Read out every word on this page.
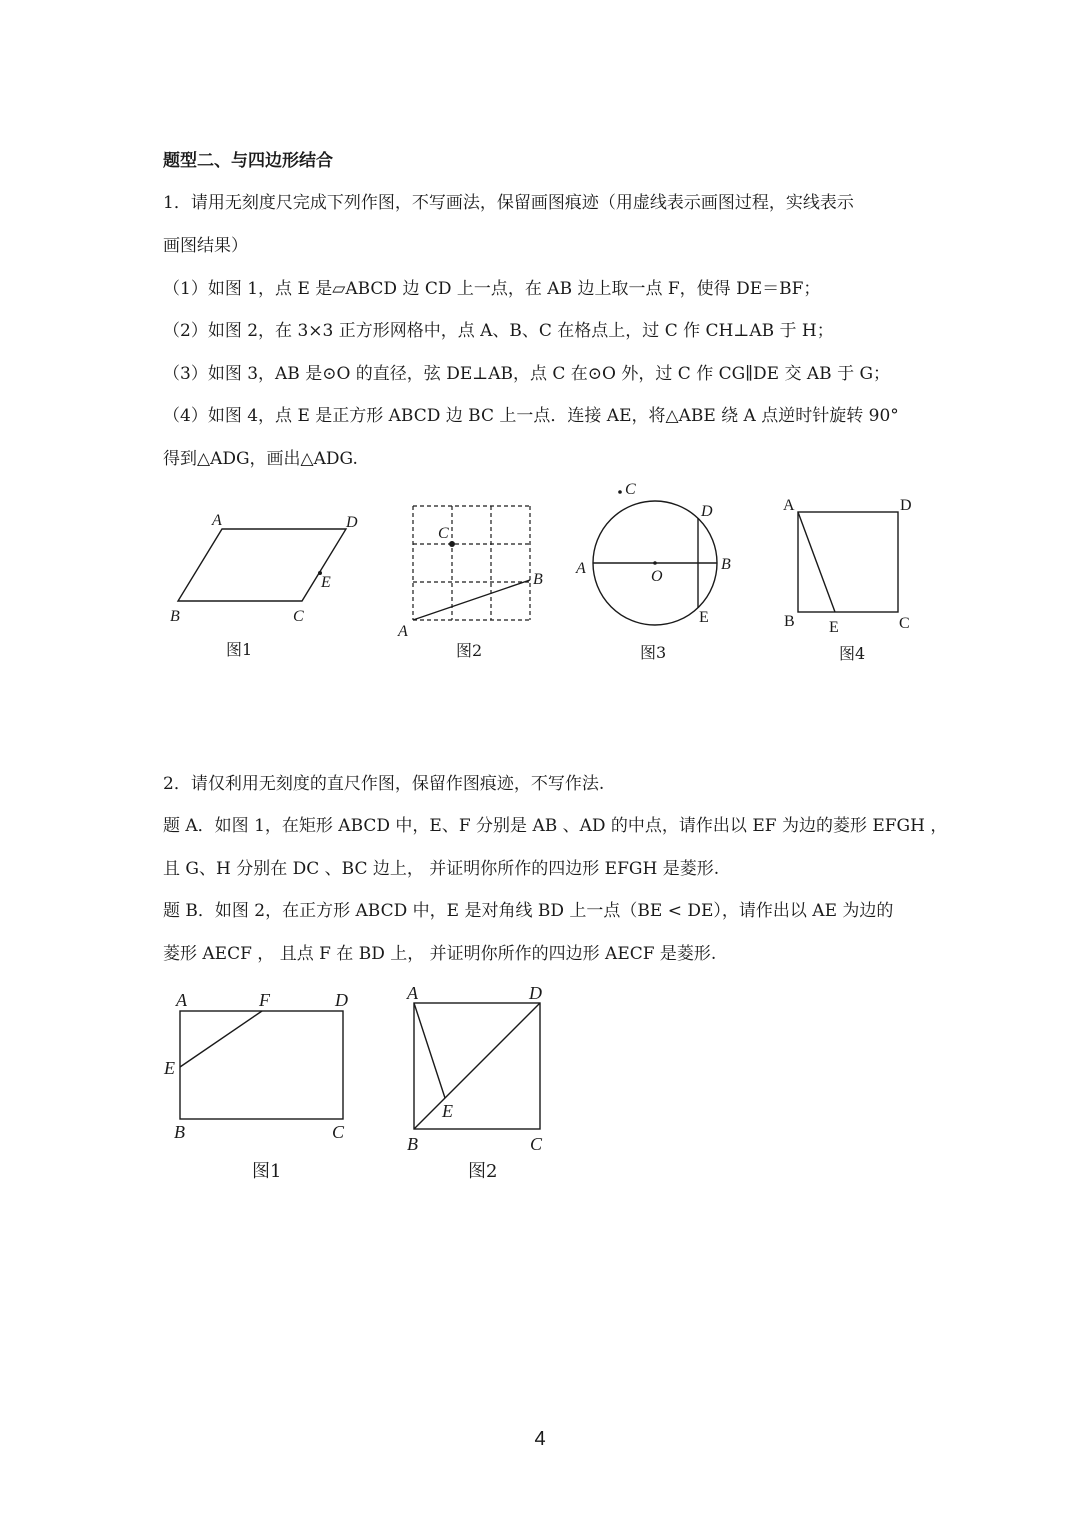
题型二、与四边形结合
1．请用无刻度尺完成下列作图，不写画法，保留画图痕迹（用虚线表示画图过程，实线表示
画图结果）
（1）如图 1，点 E 是▱ABCD 边 CD 上一点，在 AB 边上取一点 F，使得 DE＝BF；
（2）如图 2，在 3×3 正方形网格中，点 A、B、C 在格点上，过 C 作 CH⊥AB 于 H；
（3）如图 3，AB 是⊙O 的直径，弦 DE⊥AB，点 C 在⊙O 外，过 C 作 CG∥DE 交 AB 于 G；
（4）如图 4，点 E 是正方形 ABCD 边 BC 上一点．连接 AE，将△ABE 绕 A 点逆时针旋转 90°
得到△ADG，画出△ADG.
A	D
E
B	C
图1
C
A
B
图2
C
D
A	O
B
E
图3
A	D
B E	C
图4
2．请仅利用无刻度的直尺作图，保留作图痕迹，不写作法.
题 A．如图 1，在矩形 ABCD 中，E、F 分别是 AB 、AD 的中点，请作出以 EF 为边的菱形 EFGH ，
且 G、H 分别在 DC 、BC 边上， 并证明你所作的四边形 EFGH 是菱形.
题 B．如图 2，在正方形 ABCD 中，E 是对角线 BD 上一点（BE < DE），请作出以 AE 为边的
菱形 AECF ， 且点 F 在 BD 上， 并证明你所作的四边形 AECF 是菱形.
A	F	D
E
B	C
图1
A	D
E
B	C
图2
4
